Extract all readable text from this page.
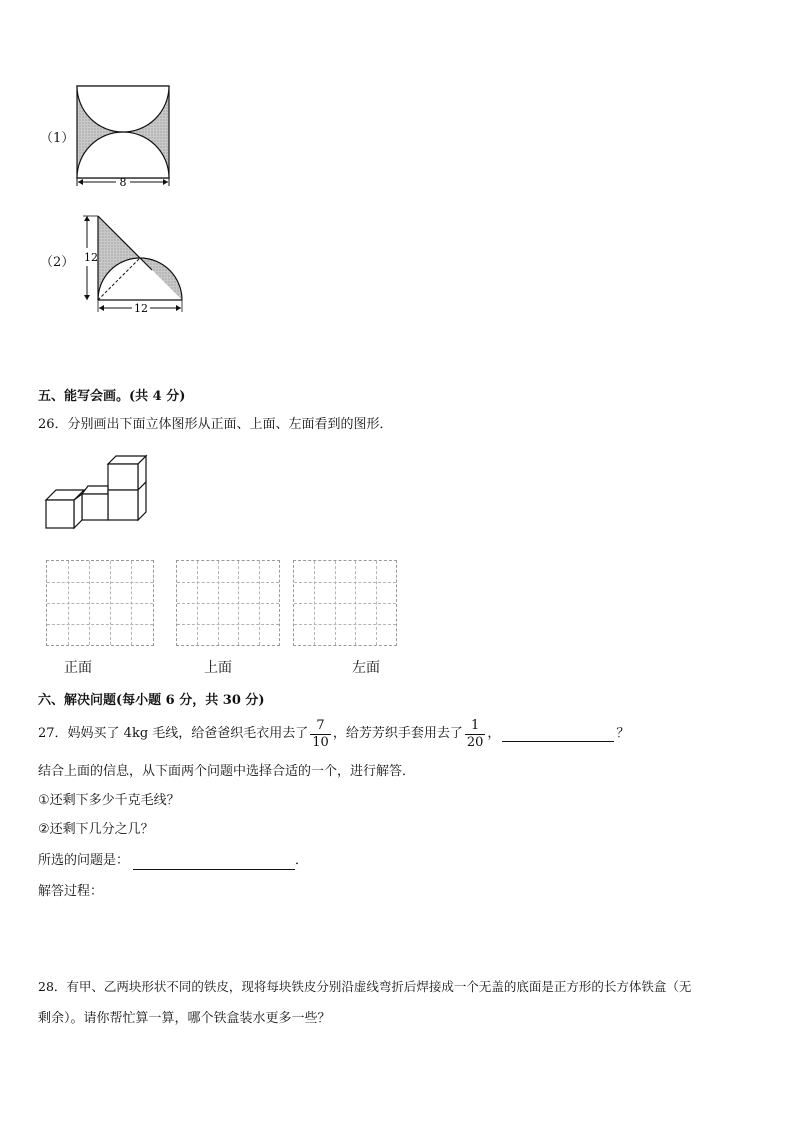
（1）
8
（2） 12
12
五、能写会画。(共 4 分)
26．分别画出下面立体图形从正面、上面、左面看到的图形．
正面	上面	左面
六、解决问题(每小题 6 分，共 30 分)
27．妈妈买了 4kg 毛线，给爸爸织毛衣用去了 $\frac{7}{10}$ ，给芳芳织手套用去了 $\frac{1}{20}$ ，	？
结合上面的信息，从下面两个问题中选择合适的一个，进行解答．
①还剩下多少千克毛线？
②还剩下几分之几？
所选的问题是：	．
解答过程：
28．有甲、乙两块形状不同的铁皮，现将每块铁皮分别沿虚线弯折后焊接成一个无盖的底面是正方形的长方体铁盒（无
剩余）。请你帮忙算一算，哪个铁盒装水更多一些？
